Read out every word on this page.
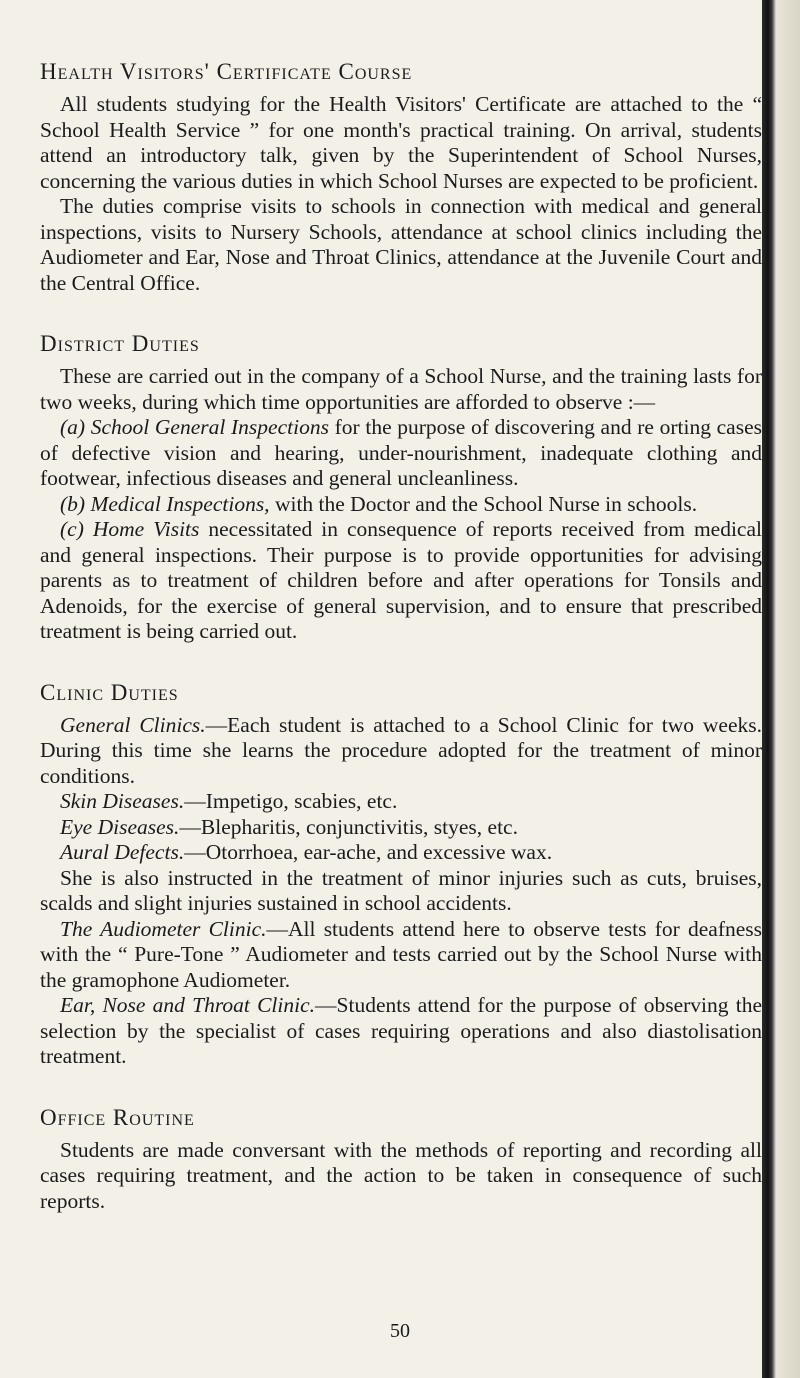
Health Visitors' Certificate Course

All students studying for the Health Visitors' Certificate are attached to the “ School Health Service ” for one month's practical training. On arrival, students attend an introductory talk, given by the Superintendent of School Nurses, concerning the various duties in which School Nurses are expected to be proficient.

The duties comprise visits to schools in connection with medical and general inspections, visits to Nursery Schools, attendance at school clinics including the Audiometer and Ear, Nose and Throat Clinics, attendance at the Juvenile Court and the Central Office.

District Duties

These are carried out in the company of a School Nurse, and the training lasts for two weeks, during which time opportunities are afforded to observe :—

(a) School General Inspections for the purpose of discovering and re orting cases of defective vision and hearing, under-nourishment, inadequate clothing and footwear, infectious diseases and general uncleanliness.

(b) Medical Inspections, with the Doctor and the School Nurse in schools.

(c) Home Visits necessitated in consequence of reports received from medical and general inspections. Their purpose is to provide opportunities for advising parents as to treatment of children before and after operations for Tonsils and Adenoids, for the exercise of general supervision, and to ensure that prescribed treatment is being carried out.

Clinic Duties

General Clinics.—Each student is attached to a School Clinic for two weeks. During this time she learns the procedure adopted for the treatment of minor conditions.

Skin Diseases.—Impetigo, scabies, etc.

Eye Diseases.—Blepharitis, conjunctivitis, styes, etc.

Aural Defects.—Otorrhoea, ear-ache, and excessive wax.

She is also instructed in the treatment of minor injuries such as cuts, bruises, scalds and slight injuries sustained in school accidents.

The Audiometer Clinic.—All students attend here to observe tests for deafness with the “ Pure-Tone ” Audiometer and tests carried out by the School Nurse with the gramophone Audiometer.

Ear, Nose and Throat Clinic.—Students attend for the purpose of observing the selection by the specialist of cases requiring operations and also diastolisation treatment.

Office Routine

Students are made conversant with the methods of reporting and recording all cases requiring treatment, and the action to be taken in consequence of such reports.

50
